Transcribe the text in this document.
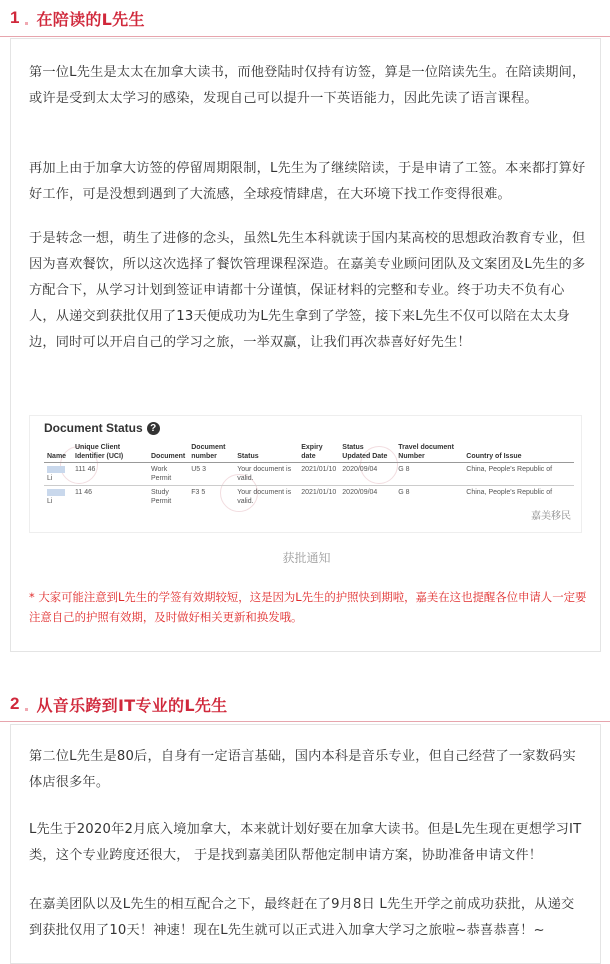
1 在陪读的L先生

第一位L先生是太太在加拿大读书，而他登陆时仅持有访签，算是一位陪读先生。在陪读期间，或许是受到太太学习的感染，发现自己可以提升一下英语能力，因此先读了语言课程。

再加上由于加拿大访签的停留周期限制，L先生为了继续陪读，于是申请了工签。本来都打算好好工作，可是没想到遇到了大流感，全球疫情肆虐，在大环境下找工作变得很难。

于是转念一想，萌生了进修的念头，虽然L先生本科就读于国内某高校的思想政治教育专业，但因为喜欢餐饮，所以这次选择了餐饮管理课程深造。在嘉美专业顾问团队及文案团及L先生的多方配合下，从学习计划到签证申请都十分谨慎，保证材料的完整和专业。终于功夫不负有心人，从递交到获批仅用了13天便成功为L先生拿到了学签，接下来L先生不仅可以陪在太太身边，同时可以开启自己的学习之旅，一举双赢，让我们再次恭喜好好先生！

Document Status ?
Name	Unique Client Identifier (UCI)	Document	Document number	Status	Expiry date	Status Updated Date	Travel document Number	Country of Issue
Li	111 46	Work Permit	U5 3	Your document is valid.	2021/01/10	2020/09/04	G 8	China, People's Republic of
Li	11 46	Study Permit	F3 5	Your document is valid.	2021/01/10	2020/09/04	G 8	China, People's Republic of
嘉美移民
获批通知

* 大家可能注意到L先生的学签有效期较短，这是因为L先生的护照快到期啦，嘉美在这也提醒各位申请人一定要注意自己的护照有效期，及时做好相关更新和换发哦。

2 从音乐跨到IT专业的L先生

第二位L先生是80后，自身有一定语言基础，国内本科是音乐专业，但自己经营了一家数码实体店很多年。

L先生于2020年2月底入境加拿大，本来就计划好要在加拿大读书。但是L先生现在更想学习IT类，这个专业跨度还很大， 于是找到嘉美团队帮他定制申请方案，协助准备申请文件！

在嘉美团队以及L先生的相互配合之下，最终赶在了9月8日 L先生开学之前成功获批，从递交到获批仅用了10天！神速！现在L先生就可以正式进入加拿大学习之旅啦~恭喜恭喜！~
